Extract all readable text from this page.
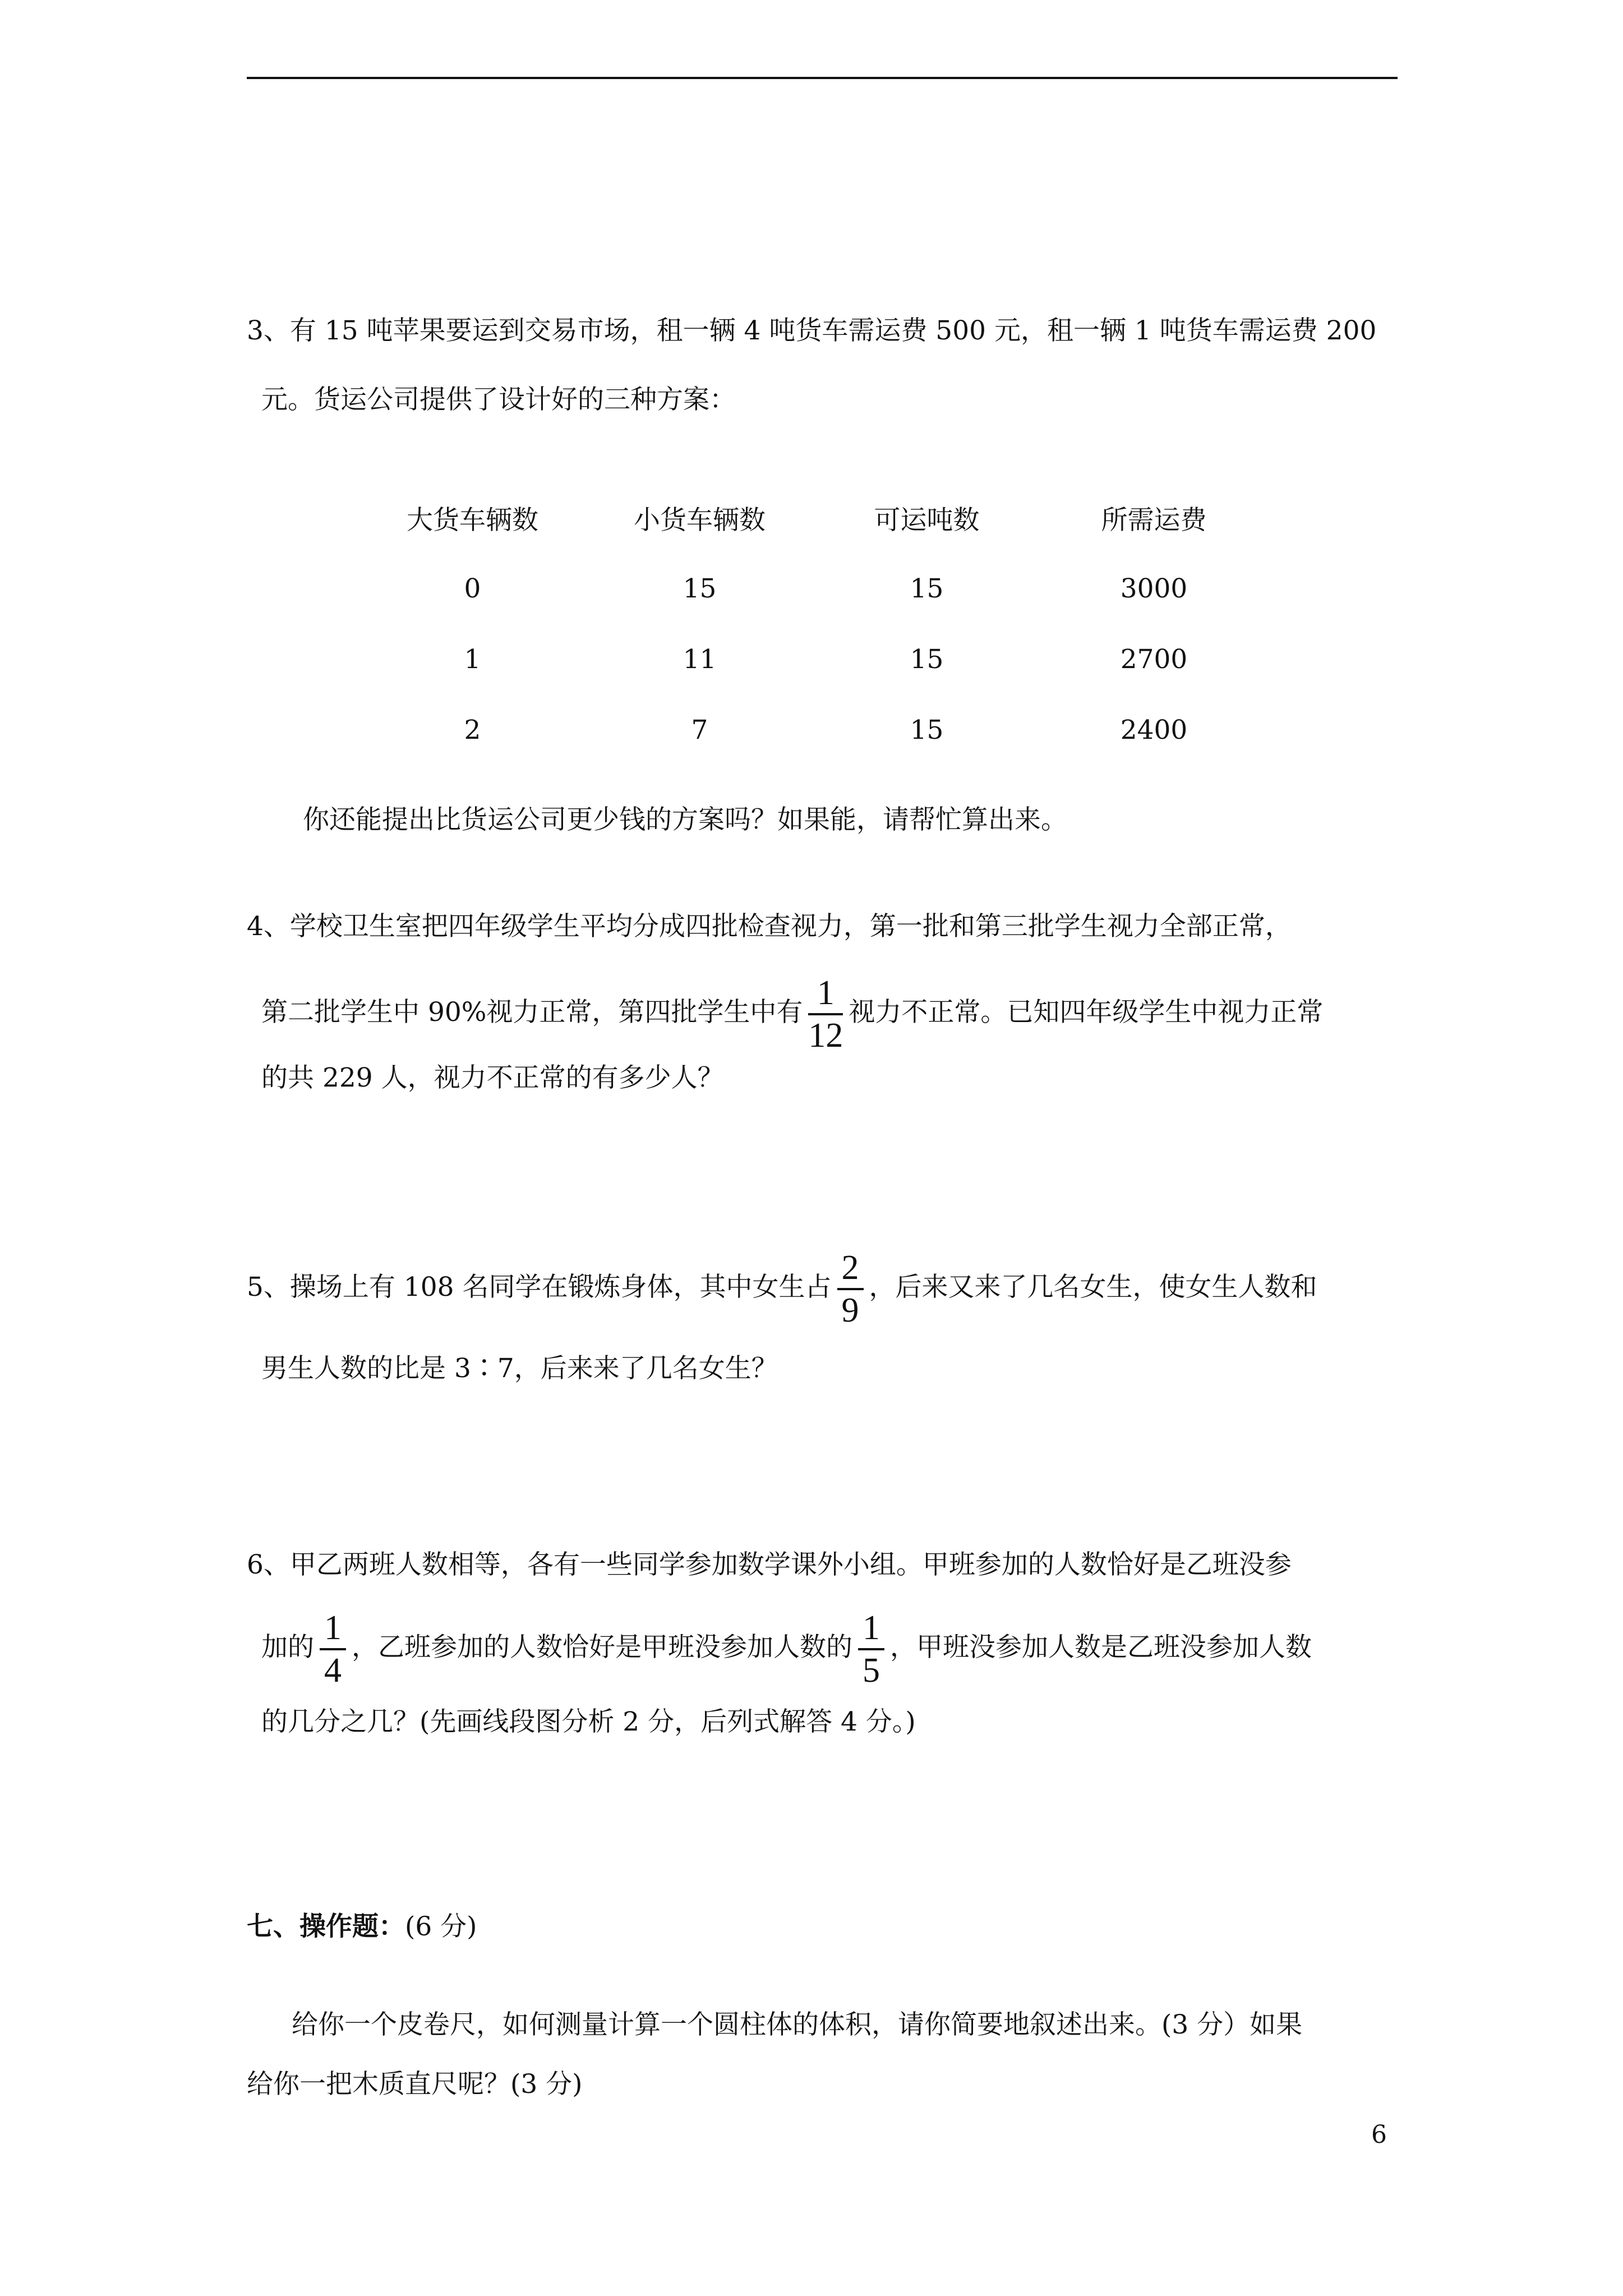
3、有 15 吨苹果要运到交易市场，租一辆 4 吨货车需运费 500 元，租一辆 1 吨货车需运费 200
元。货运公司提供了设计好的三种方案：
大货车辆数	小货车辆数	可运吨数	所需运费
0	15	15	3000
1	11	15	2700
2	7	15	2400
你还能提出比货运公司更少钱的方案吗？如果能，请帮忙算出来。
4、学校卫生室把四年级学生平均分成四批检查视力，第一批和第三批学生视力全部正常，
第二批学生中 90%视力正常，第四批学生中有 $\frac{1}{12}$ 视力不正常。已知四年级学生中视力正常
的共 229 人，视力不正常的有多少人？
5、操场上有 108 名同学在锻炼身体，其中女生占 $\frac{2}{9}$ ，后来又来了几名女生，使女生人数和
男生人数的比是 3∶7，后来来了几名女生？
6、甲乙两班人数相等，各有一些同学参加数学课外小组。甲班参加的人数恰好是乙班没参
加的 $\frac{1}{4}$ ，乙班参加的人数恰好是甲班没参加人数的 $\frac{1}{5}$ ，甲班没参加人数是乙班没参加人数
的几分之几？(先画线段图分析 2 分，后列式解答 4 分。)
七、操作题：(6 分)
给你一个皮卷尺，如何测量计算一个圆柱体的体积，请你简要地叙述出来。(3 分）如果
给你一把木质直尺呢？(3 分)
6
